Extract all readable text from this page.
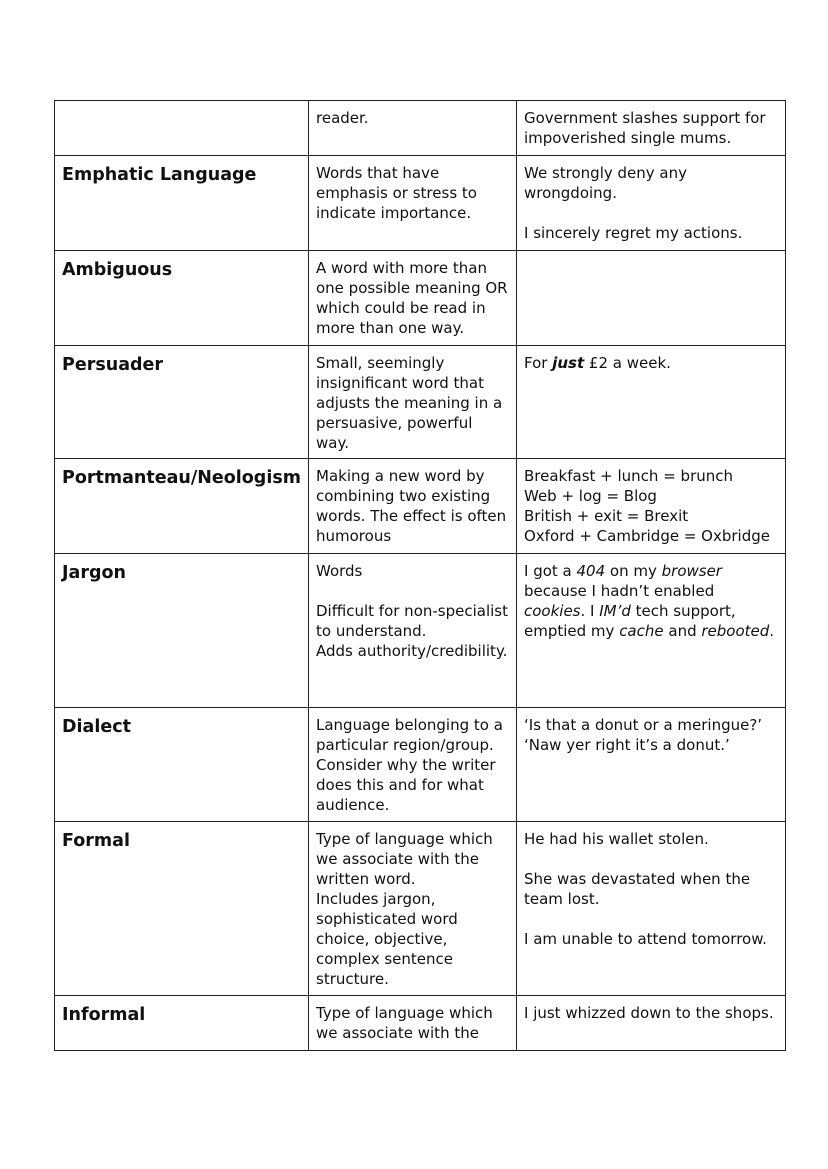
	reader.	Government slashes support for impoverished single mums.

Emphatic Language	Words that have emphasis or stress to indicate importance.	We strongly deny any wrongdoing.
I sincerely regret my actions.

Ambiguous	A word with more than one possible meaning OR which could be read in more than one way.	

Persuader	Small, seemingly insignificant word that adjusts the meaning in a persuasive, powerful way.	For just £2 a week.

Portmanteau/Neologism	Making a new word by combining two existing words. The effect is often humorous	Breakfast + lunch = brunch
Web + log = Blog
British + exit = Brexit
Oxford + Cambridge = Oxbridge

Jargon	Words
Difficult for non-specialist to understand.
Adds authority/credibility.	I got a 404 on my browser because I hadn’t enabled cookies. I IM’d tech support, emptied my cache and rebooted.

Dialect	Language belonging to a particular region/group. Consider why the writer does this and for what audience.	‘Is that a donut or a meringue?’
‘Naw yer right it’s a donut.’

Formal	Type of language which we associate with the written word.
Includes jargon, sophisticated word choice, objective, complex sentence structure.	He had his wallet stolen.
She was devastated when the team lost.
I am unable to attend tomorrow.

Informal	Type of language which we associate with the	I just whizzed down to the shops.
